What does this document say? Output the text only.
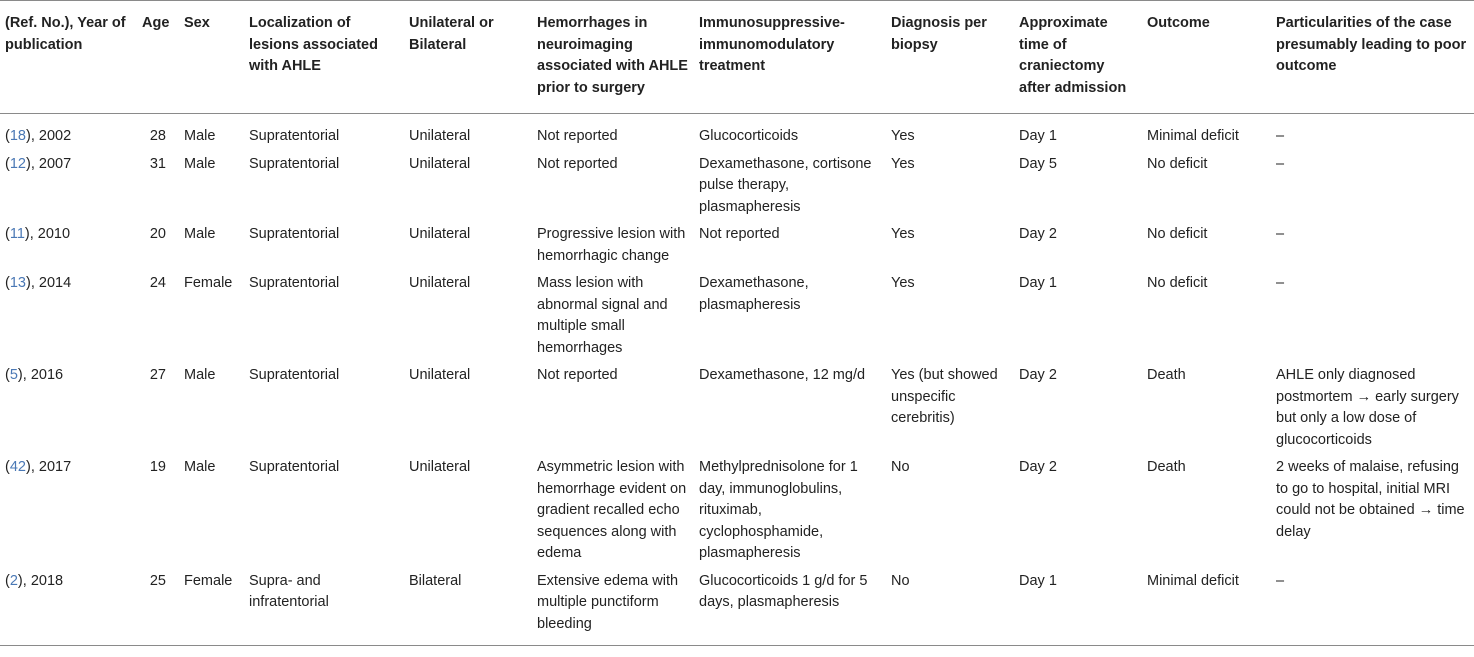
(Ref. No.), Year of publication	Age	Sex	Localization of lesions associated with AHLE	Unilateral or Bilateral	Hemorrhages in neuroimaging associated with AHLE prior to surgery	Immunosuppressive-immunomodulatory treatment	Diagnosis per biopsy	Approximate time of craniectomy after admission	Outcome	Particularities of the case presumably leading to poor outcome
(18), 2002	28	Male	Supratentorial	Unilateral	Not reported	Glucocorticoids	Yes	Day 1	Minimal deficit	–
(12), 2007	31	Male	Supratentorial	Unilateral	Not reported	Dexamethasone, cortisone pulse therapy, plasmapheresis	Yes	Day 5	No deficit	–
(11), 2010	20	Male	Supratentorial	Unilateral	Progressive lesion with hemorrhagic change	Not reported	Yes	Day 2	No deficit	–
(13), 2014	24	Female	Supratentorial	Unilateral	Mass lesion with abnormal signal and multiple small hemorrhages	Dexamethasone, plasmapheresis	Yes	Day 1	No deficit	–
(5), 2016	27	Male	Supratentorial	Unilateral	Not reported	Dexamethasone, 12 mg/d	Yes (but showed unspecific cerebritis)	Day 2	Death	AHLE only diagnosed postmortem → early surgery but only a low dose of glucocorticoids
(42), 2017	19	Male	Supratentorial	Unilateral	Asymmetric lesion with hemorrhage evident on gradient recalled echo sequences along with edema	Methylprednisolone for 1 day, immunoglobulins, rituximab, cyclophosphamide, plasmapheresis	No	Day 2	Death	2 weeks of malaise, refusing to go to hospital, initial MRI could not be obtained → time delay
(2), 2018	25	Female	Supra- and infratentorial	Bilateral	Extensive edema with multiple punctiform bleeding	Glucocorticoids 1 g/d for 5 days, plasmapheresis	No	Day 1	Minimal deficit	–
